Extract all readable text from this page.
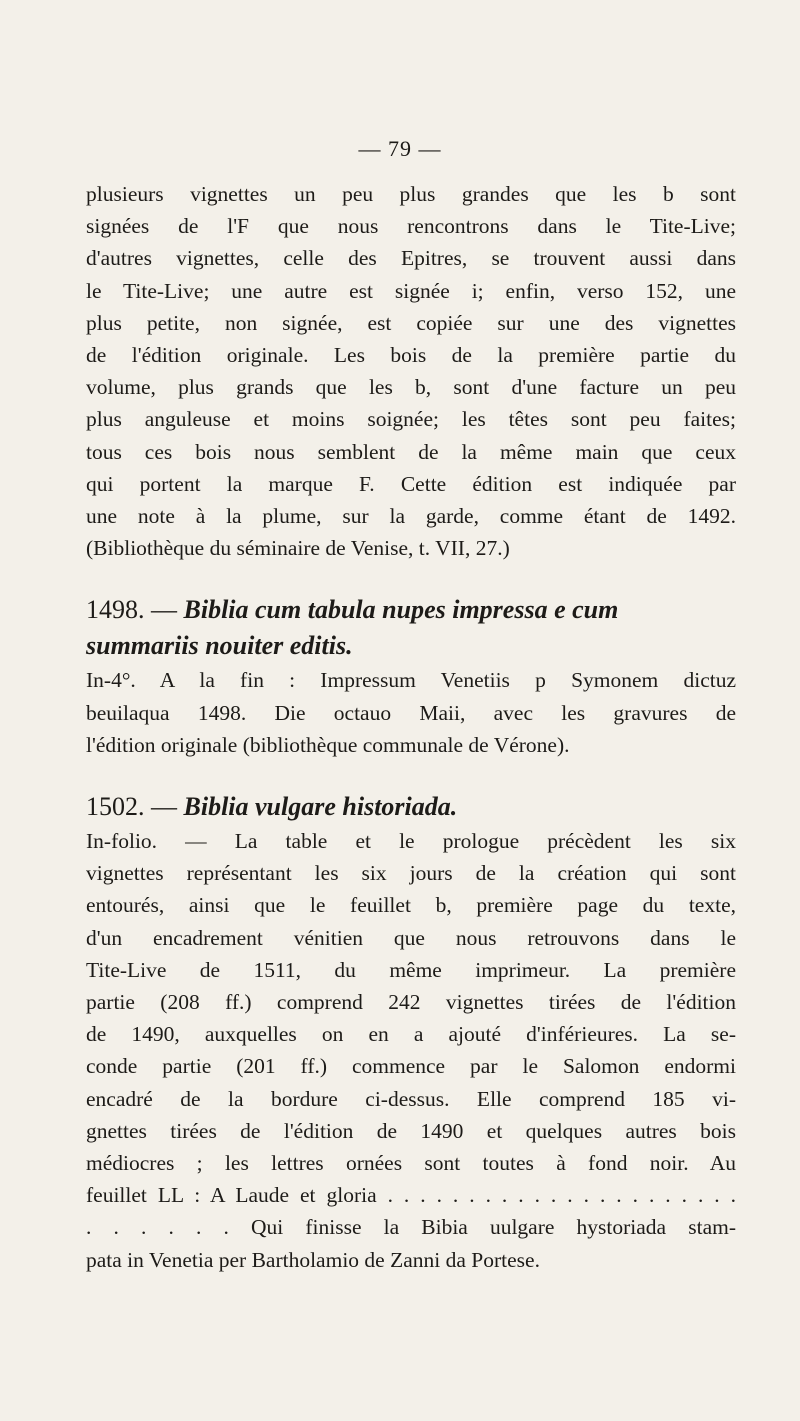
— 79 —

plusieurs vignettes un peu plus grandes que les b sont
signées de l'F que nous rencontrons dans le Tite-Live;
d'autres vignettes, celle des Epitres, se trouvent aussi dans
le Tite-Live; une autre est signée i; enfin, verso 152, une
plus petite, non signée, est copiée sur une des vignettes
de l'édition originale. Les bois de la première partie du
volume, plus grands que les b, sont d'une facture un peu
plus anguleuse et moins soignée; les têtes sont peu faites;
tous ces bois nous semblent de la même main que ceux
qui portent la marque F. Cette édition est indiquée par
une note à la plume, sur la garde, comme étant de 1492.
(Bibliothèque du séminaire de Venise, t. VII, 27.)

1498. — Biblia cum tabula nupes impressa e cum
summariis nouiter editis.

In-4°. A la fin : Impressum Venetiis p Symonem dictuz
beuilaqua 1498. Die octauo Maii, avec les gravures de
l'édition originale (bibliothèque communale de Vérone).

1502. — Biblia vulgare historiada.

In-folio. — La table et le prologue précèdent les six
vignettes représentant les six jours de la création qui sont
entourés, ainsi que le feuillet b, première page du texte,
d'un encadrement vénitien que nous retrouvons dans le
Tite-Live de 1511, du même imprimeur. La première
partie (208 ff.) comprend 242 vignettes tirées de l'édition
de 1490, auxquelles on en a ajouté d'inférieures. La se-
conde partie (201 ff.) commence par le Salomon endormi
encadré de la bordure ci-dessus. Elle comprend 185 vi-
gnettes tirées de l'édition de 1490 et quelques autres bois
médiocres ; les lettres ornées sont toutes à fond noir. Au
feuillet LL : A Laude et gloria . . . . . . . . . . . . . . . . . . . . . .
. . . . . . Qui finisse la Bibia uulgare hystoriada stam-
pata in Venetia per Bartholamio de Zanni da Portese.
